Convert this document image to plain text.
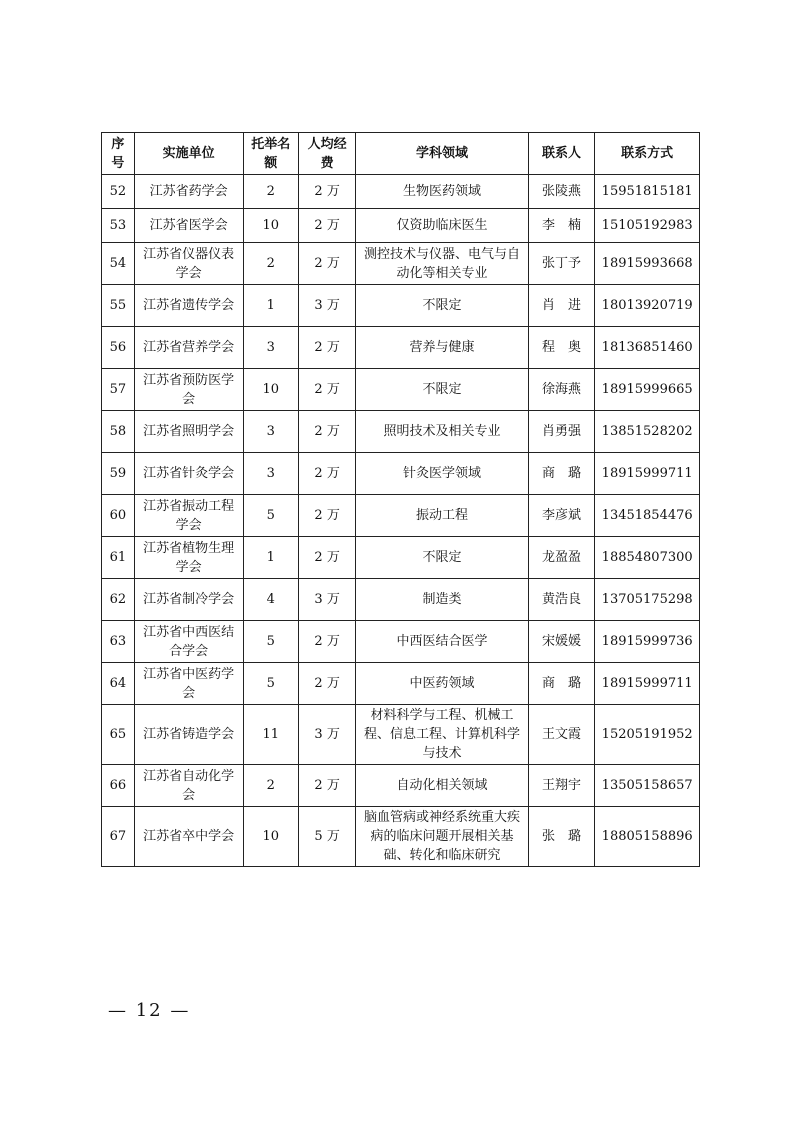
序号	实施单位	托举名额	人均经费	学科领域	联系人	联系方式
52	江苏省药学会	2	2 万	生物医药领域	张陵燕	15951815181
53	江苏省医学会	10	2 万	仅资助临床医生	李　楠	15105192983
54	江苏省仪器仪表学会	2	2 万	测控技术与仪器、电气与自动化等相关专业	张丁予	18915993668
55	江苏省遗传学会	1	3 万	不限定	肖　进	18013920719
56	江苏省营养学会	3	2 万	营养与健康	程　奥	18136851460
57	江苏省预防医学会	10	2 万	不限定	徐海燕	18915999665
58	江苏省照明学会	3	2 万	照明技术及相关专业	肖勇强	13851528202
59	江苏省针灸学会	3	2 万	针灸医学领域	商　璐	18915999711
60	江苏省振动工程学会	5	2 万	振动工程	李彦斌	13451854476
61	江苏省植物生理学会	1	2 万	不限定	龙盈盈	18854807300
62	江苏省制冷学会	4	3 万	制造类	黄浩良	13705175298
63	江苏省中西医结合学会	5	2 万	中西医结合医学	宋媛媛	18915999736
64	江苏省中医药学会	5	2 万	中医药领域	商　璐	18915999711
65	江苏省铸造学会	11	3 万	材料科学与工程、机械工程、信息工程、计算机科学与技术	王文霞	15205191952
66	江苏省自动化学会	2	2 万	自动化相关领域	王翔宇	13505158657
67	江苏省卒中学会	10	5 万	脑血管病或神经系统重大疾病的临床问题开展相关基础、转化和临床研究	张　璐	18805158896
— 12 —
